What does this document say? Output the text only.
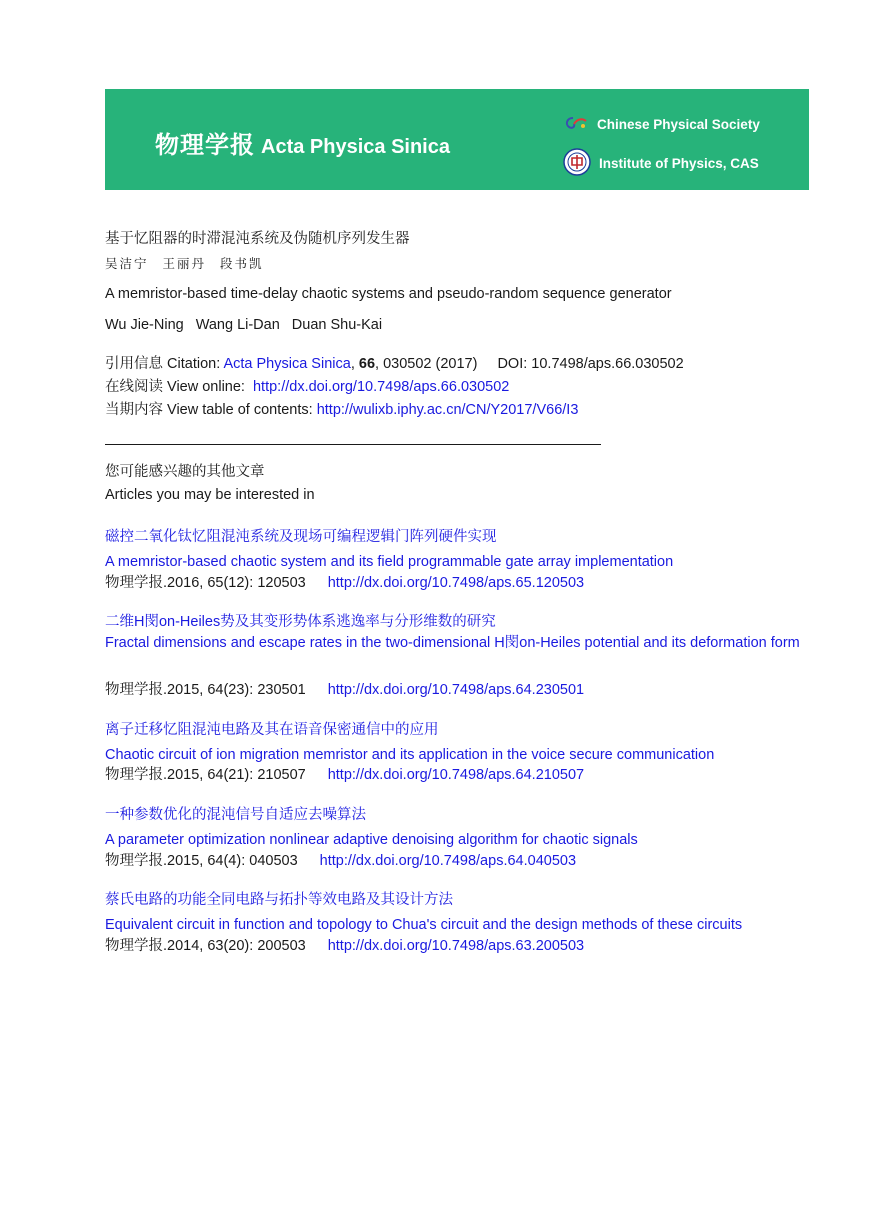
物理学报 Acta Physica Sinica
Chinese Physical Society
Institute of Physics, CAS
基于忆阻器的时滞混沌系统及伪随机序列发生器
吴洁宁 王丽丹 段书凯
A memristor-based time-delay chaotic systems and pseudo-random sequence generator
Wu Jie-Ning Wang Li-Dan Duan Shu-Kai
引用信息 Citation: Acta Physica Sinica, 66, 030502 (2017) DOI: 10.7498/aps.66.030502
在线阅读 View online: http://dx.doi.org/10.7498/aps.66.030502
当期内容 View table of contents: http://wulixb.iphy.ac.cn/CN/Y2017/V66/I3
您可能感兴趣的其他文章
Articles you may be interested in
磁控二氧化钛忆阻混沌系统及现场可编程逻辑门阵列硬件实现
A memristor-based chaotic system and its field programmable gate array implementation
物理学报.2016, 65(12): 120503 http://dx.doi.org/10.7498/aps.65.120503
二维H閔on-Heiles势及其变形势体系逃逸率与分形维数的研究
Fractal dimensions and escape rates in the two-dimensional H閔on-Heiles potential and its deformation form
物理学报.2015, 64(23): 230501 http://dx.doi.org/10.7498/aps.64.230501
离子迁移忆阻混沌电路及其在语音保密通信中的应用
Chaotic circuit of ion migration memristor and its application in the voice secure communication
物理学报.2015, 64(21): 210507 http://dx.doi.org/10.7498/aps.64.210507
一种参数优化的混沌信号自适应去噪算法
A parameter optimization nonlinear adaptive denoising algorithm for chaotic signals
物理学报.2015, 64(4): 040503 http://dx.doi.org/10.7498/aps.64.040503
蔡氏电路的功能全同电路与拓扑等效电路及其设计方法
Equivalent circuit in function and topology to Chua's circuit and the design methods of these circuits
物理学报.2014, 63(20): 200503 http://dx.doi.org/10.7498/aps.63.200503
